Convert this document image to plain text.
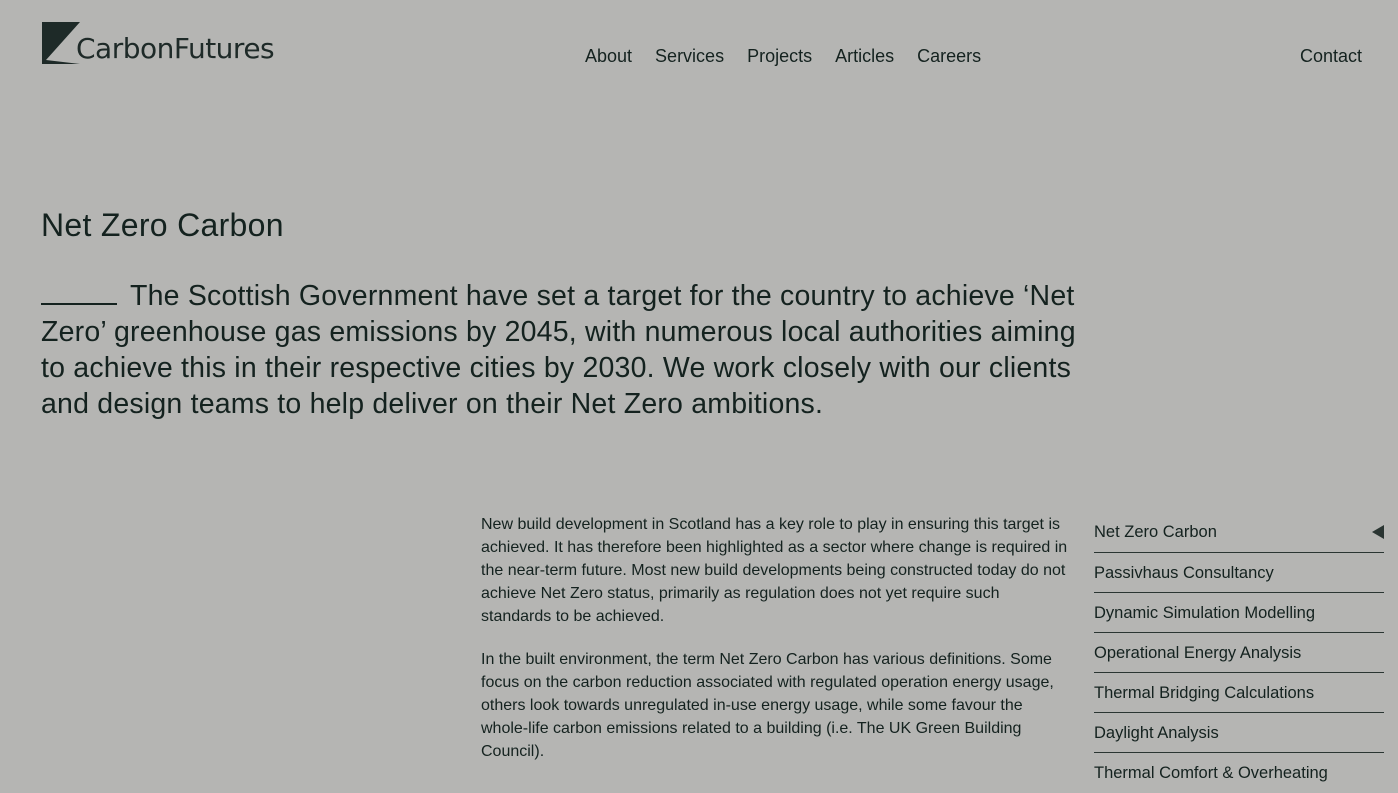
CarbonFutures	About Services Projects Articles Careers	Contact
Net Zero Carbon

The Scottish Government have set a target for the country to achieve ‘Net Zero’ greenhouse gas emissions by 2045, with numerous local authorities aiming to achieve this in their respective cities by 2030. We work closely with our clients and design teams to help deliver on their Net Zero ambitions.

New build development in Scotland has a key role to play in ensuring this target is achieved. It has therefore been highlighted as a sector where change is required in the near-term future. Most new build developments being constructed today do not achieve Net Zero status, primarily as regulation does not yet require such standards to be achieved.

In the built environment, the term Net Zero Carbon has various definitions. Some focus on the carbon reduction associated with regulated operation energy usage, others look towards unregulated in-use energy usage, while some favour the whole-life carbon emissions related to a building (i.e. The UK Green Building Council).

Net Zero Carbon
Passivhaus Consultancy
Dynamic Simulation Modelling
Operational Energy Analysis
Thermal Bridging Calculations
Daylight Analysis
Thermal Comfort & Overheating
